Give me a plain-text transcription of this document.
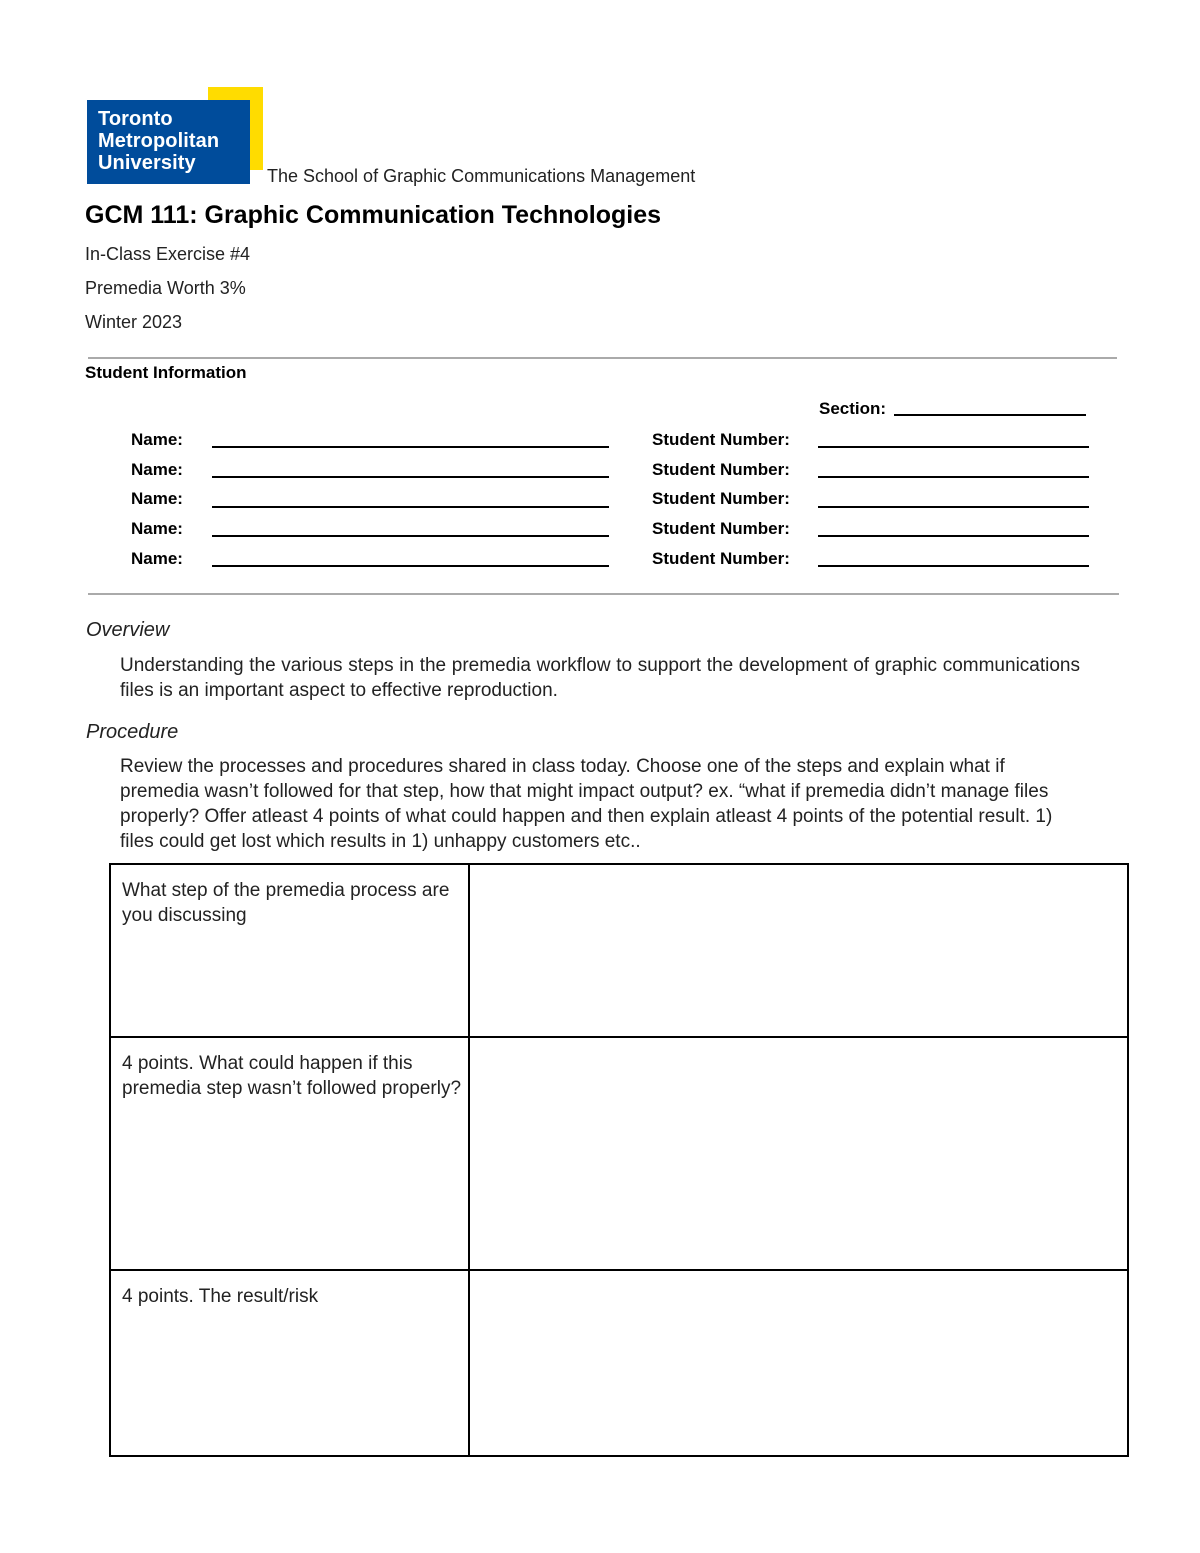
Toronto
Metropolitan
University
The School of Graphic Communications Management
GCM 111: Graphic Communication Technologies
In-Class Exercise #4
Premedia Worth 3%
Winter 2023
Student Information
Section:
Name:	Student Number:
Name:	Student Number:
Name:	Student Number:
Name:	Student Number:
Name:	Student Number:
Overview
Understanding the various steps in the premedia workflow to support the development of graphic communications files is an important aspect to effective reproduction.
Procedure
Review the processes and procedures shared in class today. Choose one of the steps and explain what if premedia wasn’t followed for that step, how that might impact output? ex. “what if premedia didn’t manage files properly? Offer atleast 4 points of what could happen and then explain atleast 4 points of the potential result. 1) files could get lost which results in 1) unhappy customers etc..
What step of the premedia process are you discussing	
4 points. What could happen if this premedia step wasn’t followed properly?	
4 points. The result/risk	
